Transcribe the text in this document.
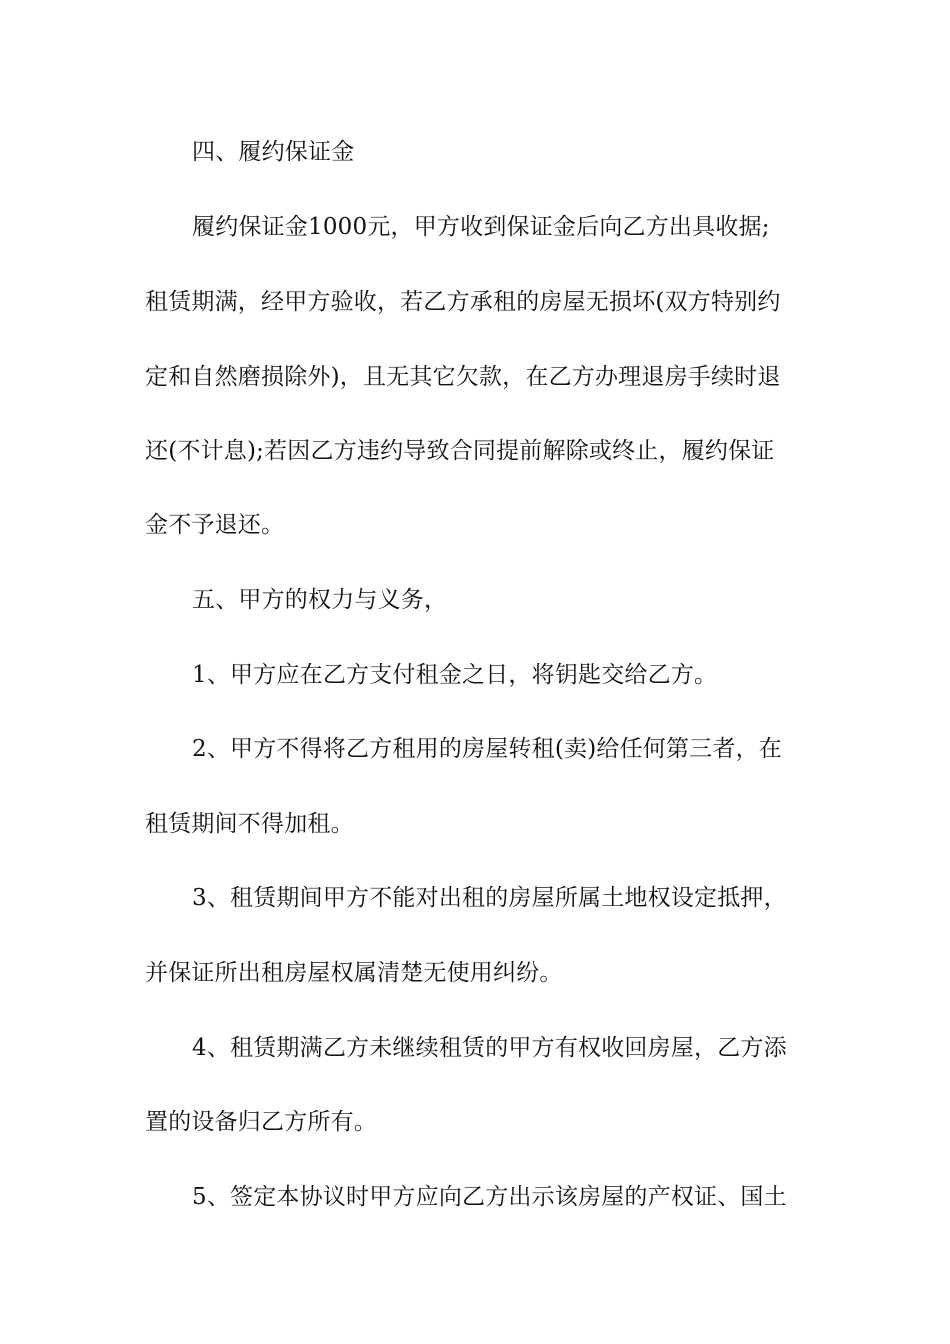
四、履约保证金
履约保证金1000元，甲方收到保证金后向乙方出具收据;
租赁期满，经甲方验收，若乙方承租的房屋无损坏(双方特别约
定和自然磨损除外)，且无其它欠款，在乙方办理退房手续时退
还(不计息);若因乙方违约导致合同提前解除或终止，履约保证
金不予退还。
五、甲方的权力与义务，
1、甲方应在乙方支付租金之日，将钥匙交给乙方。
2、甲方不得将乙方租用的房屋转租(卖)给任何第三者，在
租赁期间不得加租。
3、租赁期间甲方不能对出租的房屋所属土地权设定抵押，
并保证所出租房屋权属清楚无使用纠纷。
4、租赁期满乙方未继续租赁的甲方有权收回房屋，乙方添
置的设备归乙方所有。
5、签定本协议时甲方应向乙方出示该房屋的产权证、国土
